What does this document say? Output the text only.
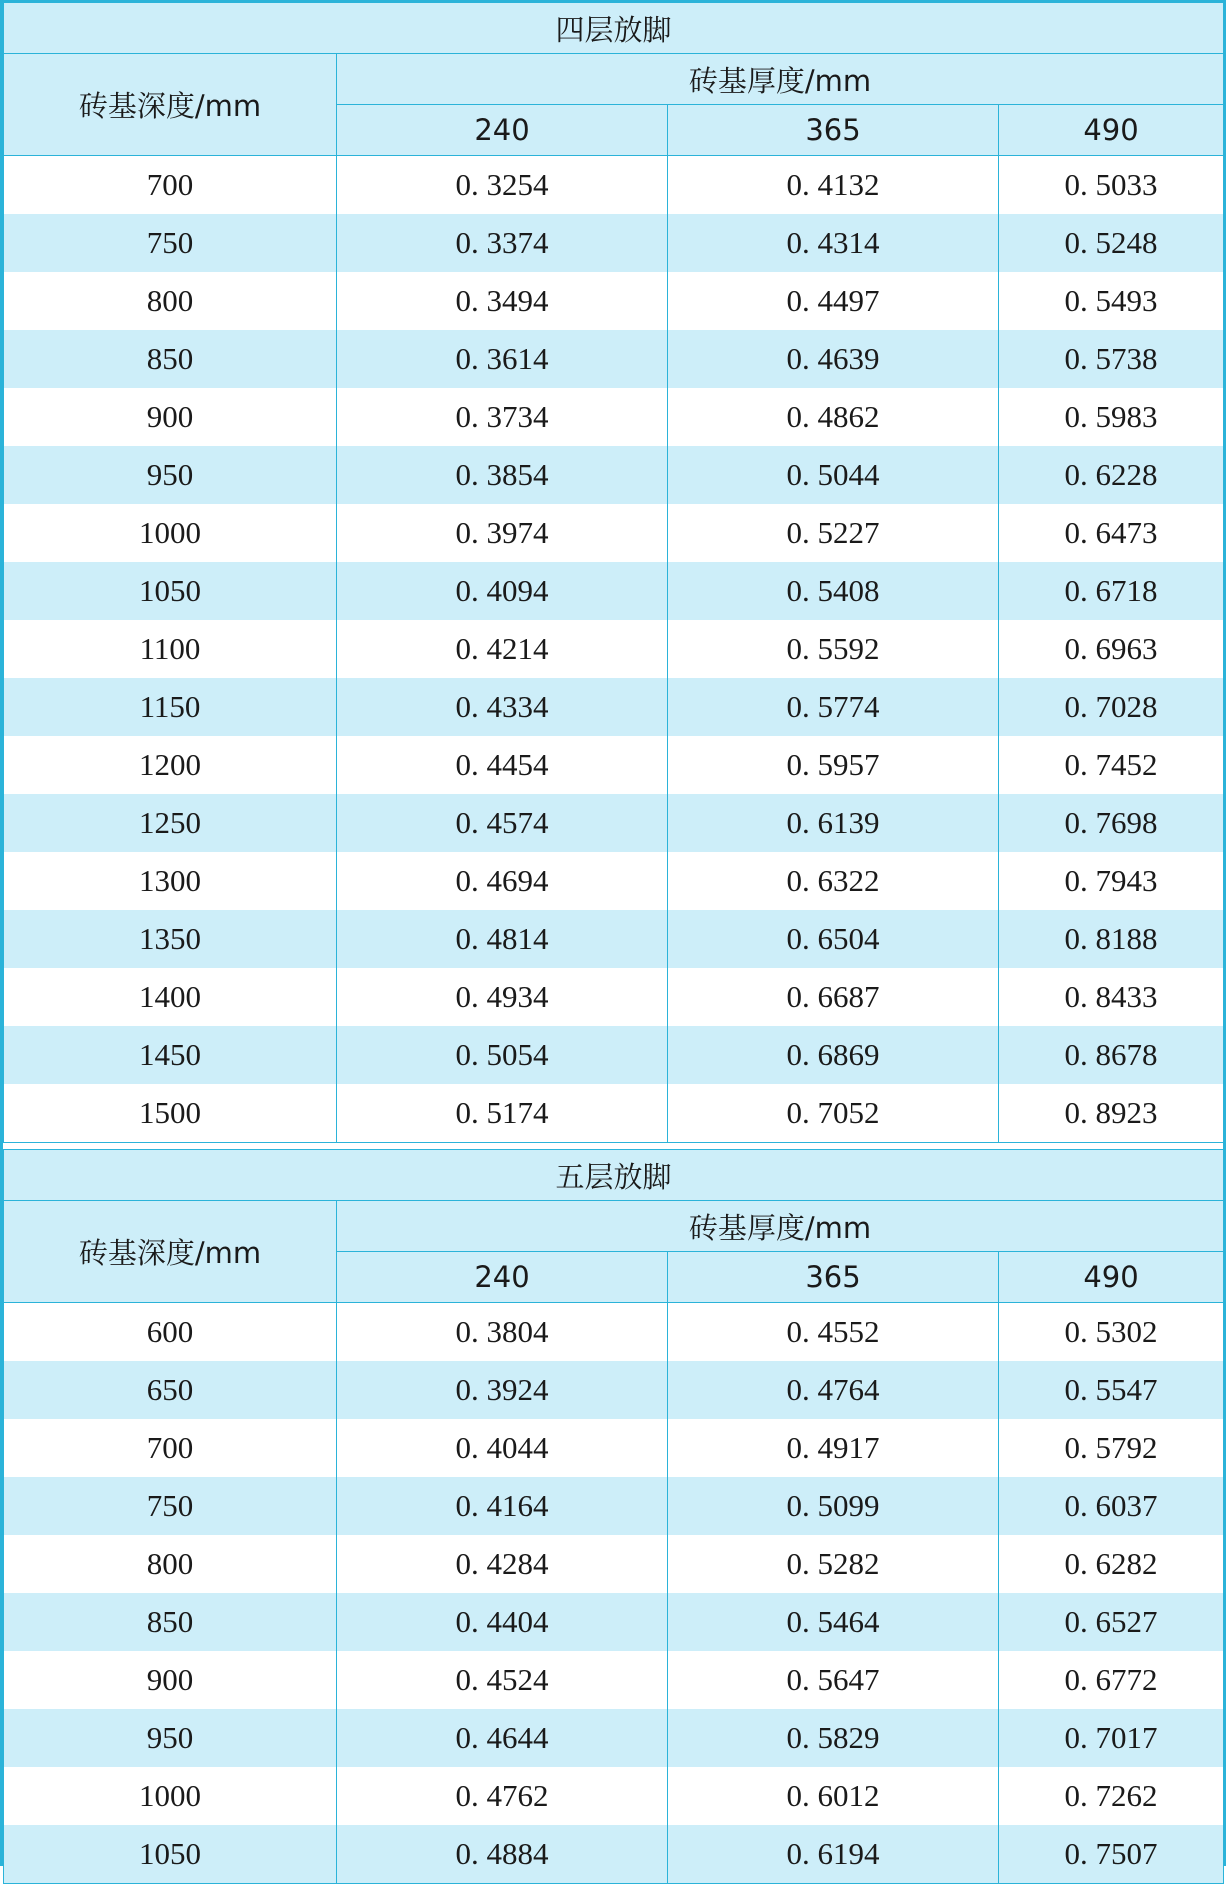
四层放脚			
砖基深度/mm	砖基厚度/mm		
	240	365	490
700	0. 3254	0. 4132	0. 5033
750	0. 3374	0. 4314	0. 5248
800	0. 3494	0. 4497	0. 5493
850	0. 3614	0. 4639	0. 5738
900	0. 3734	0. 4862	0. 5983
950	0. 3854	0. 5044	0. 6228
1000	0. 3974	0. 5227	0. 6473
1050	0. 4094	0. 5408	0. 6718
1100	0. 4214	0. 5592	0. 6963
1150	0. 4334	0. 5774	0. 7028
1200	0. 4454	0. 5957	0. 7452
1250	0. 4574	0. 6139	0. 7698
1300	0. 4694	0. 6322	0. 7943
1350	0. 4814	0. 6504	0. 8188
1400	0. 4934	0. 6687	0. 8433
1450	0. 5054	0. 6869	0. 8678
1500	0. 5174	0. 7052	0. 8923
五层放脚			
砖基深度/mm	砖基厚度/mm		
	240	365	490
600	0. 3804	0. 4552	0. 5302
650	0. 3924	0. 4764	0. 5547
700	0. 4044	0. 4917	0. 5792
750	0. 4164	0. 5099	0. 6037
800	0. 4284	0. 5282	0. 6282
850	0. 4404	0. 5464	0. 6527
900	0. 4524	0. 5647	0. 6772
950	0. 4644	0. 5829	0. 7017
1000	0. 4762	0. 6012	0. 7262
1050	0. 4884	0. 6194	0. 7507
